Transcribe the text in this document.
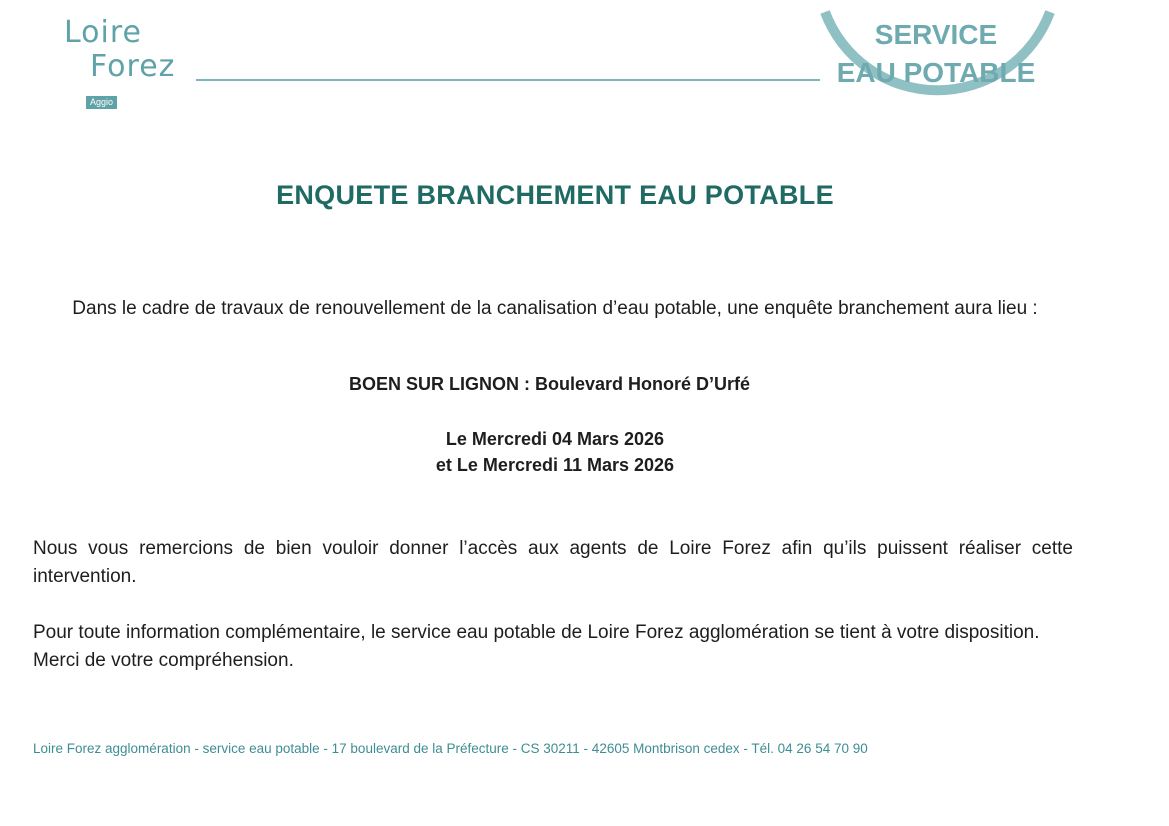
Loire
Forez
Aggio
SERVICE
EAU POTABLE
ENQUETE BRANCHEMENT EAU POTABLE
Dans le cadre de travaux de renouvellement de la canalisation d’eau potable, une enquête branchement aura lieu :
BOEN SUR LIGNON : Boulevard Honoré D’Urfé
Le Mercredi 04 Mars 2026
et Le Mercredi 11 Mars 2026
Nous vous remercions de bien vouloir donner l’accès aux agents de Loire Forez afin qu’ils puissent réaliser cette intervention.
Pour toute information complémentaire, le service eau potable de Loire Forez agglomération se tient à votre disposition. Merci de votre compréhension.
Loire Forez agglomération - service eau potable - 17 boulevard de la Préfecture - CS 30211 - 42605 Montbrison cedex - Tél. 04 26 54 70 90
